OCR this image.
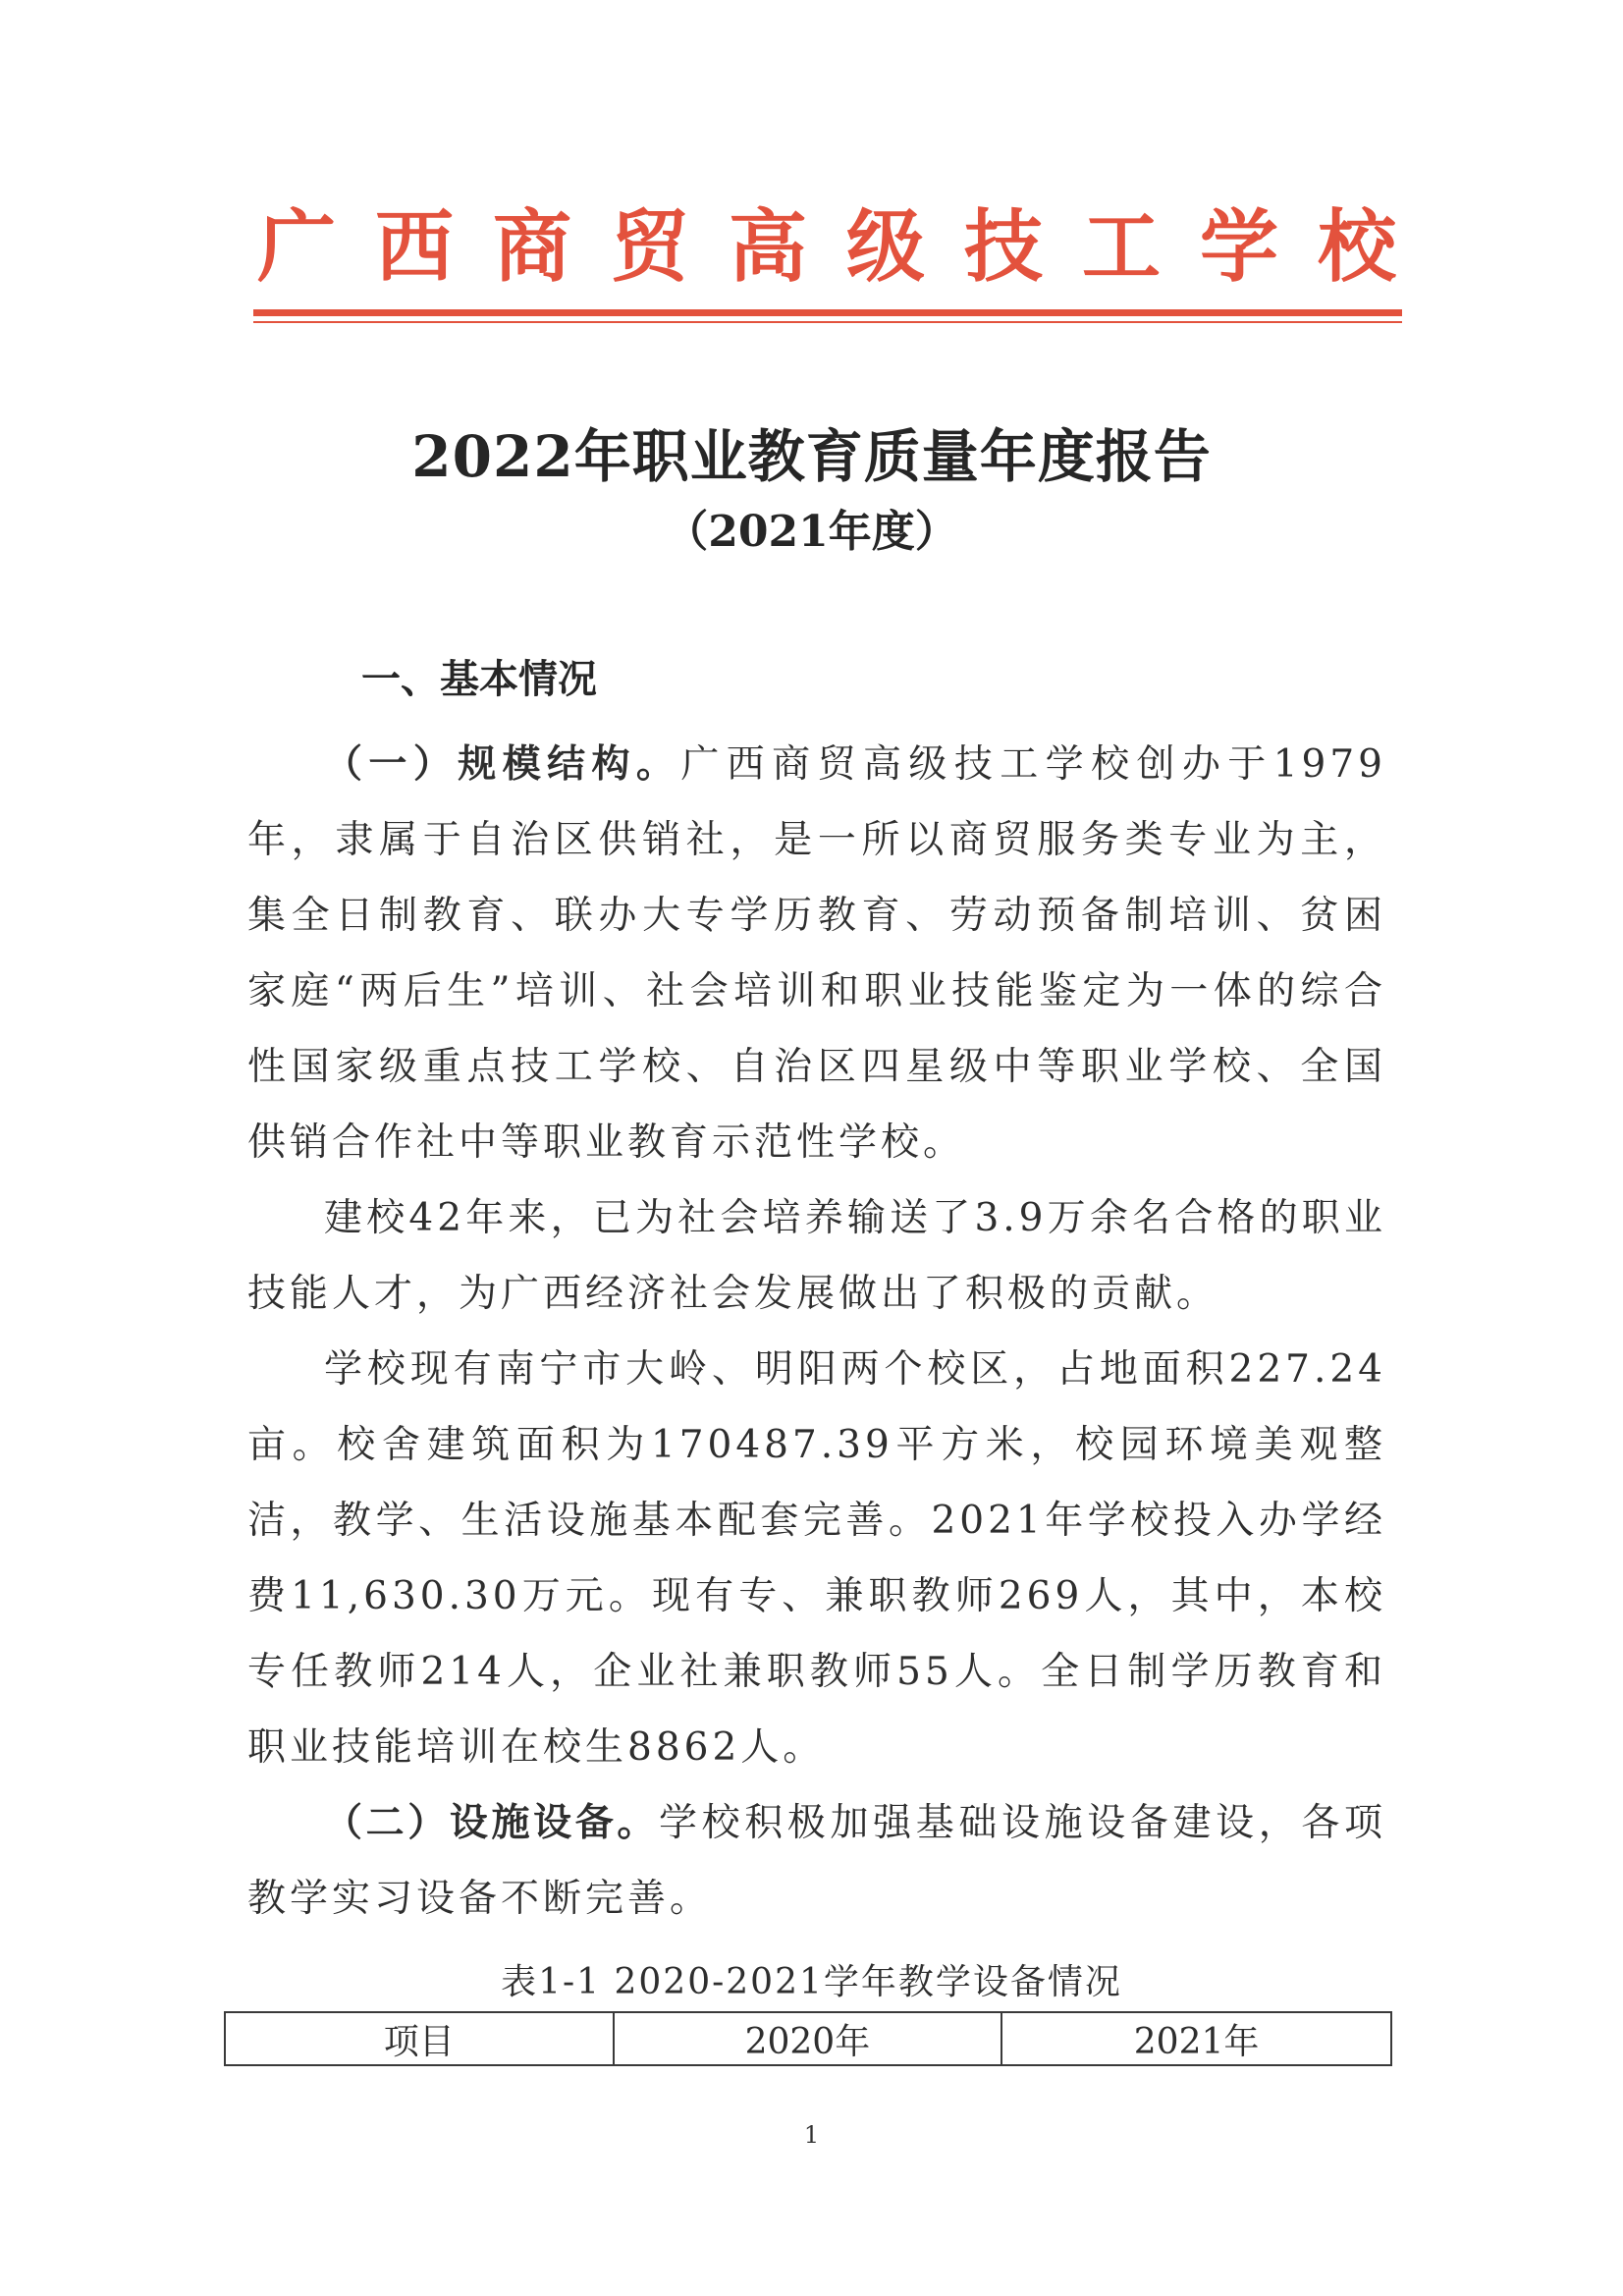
广 西 商 贸 高 级 技 工 学 校
2022年职业教育质量年度报告
（2021年度）
一、基本情况

（一）规模结构。广西商贸高级技工学校创办于1979年，隶属于自治区供销社，是一所以商贸服务类专业为主，集全日制教育、联办大专学历教育、劳动预备制培训、贫困家庭“两后生”培训、社会培训和职业技能鉴定为一体的综合性国家级重点技工学校、自治区四星级中等职业学校、全国供销合作社中等职业教育示范性学校。

建校42年来，已为社会培养输送了3.9万余名合格的职业技能人才，为广西经济社会发展做出了积极的贡献。

学校现有南宁市大岭、明阳两个校区，占地面积227.24亩。校舍建筑面积为170487.39平方米，校园环境美观整洁，教学、生活设施基本配套完善。2021年学校投入办学经费11,630.30万元。现有专、兼职教师269人，其中，本校专任教师214人，企业社兼职教师55人。全日制学历教育和职业技能培训在校生8862人。

（二）设施设备。学校积极加强基础设施设备建设，各项教学实习设备不断完善。

表1-1 2020-2021学年教学设备情况
项目	2020年	2021年
1
